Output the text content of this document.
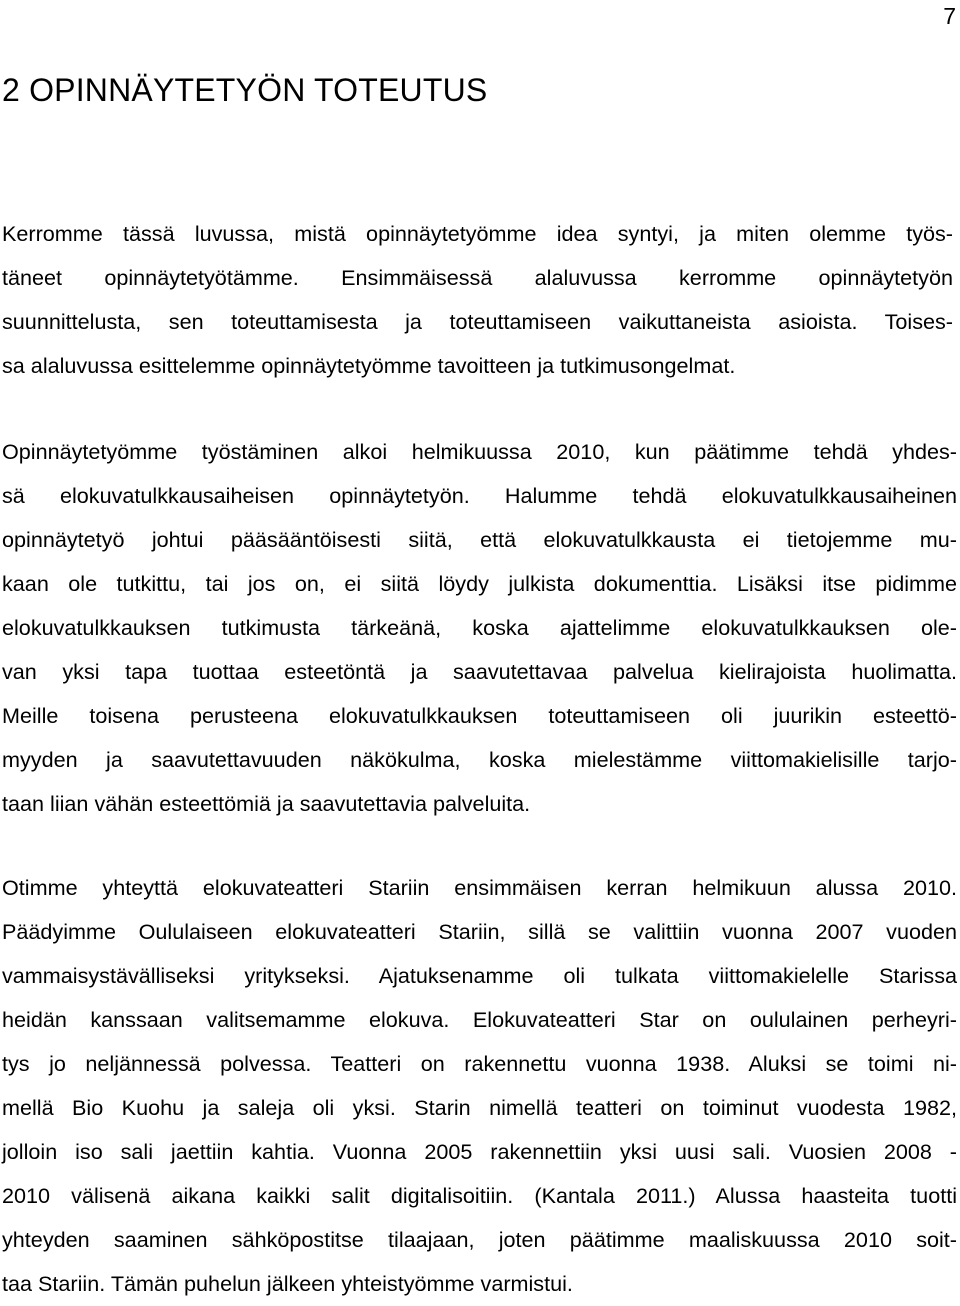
7
2 OPINNÄYTETYÖN TOTEUTUS
Kerromme tässä luvussa, mistä opinnäytetyömme idea syntyi, ja miten olemme työs-
täneet opinnäytetyötämme. Ensimmäisessä alaluvussa kerromme opinnäytetyön
suunnittelusta, sen toteuttamisesta ja toteuttamiseen vaikuttaneista asioista. Toises-
sa alaluvussa esittelemme opinnäytetyömme tavoitteen ja tutkimusongelmat.
Opinnäytetyömme työstäminen alkoi helmikuussa 2010, kun päätimme tehdä yhdes-
sä elokuvatulkkausaiheisen opinnäytetyön. Halumme tehdä elokuvatulkkausaiheinen
opinnäytetyö johtui pääsääntöisesti siitä, että elokuvatulkkausta ei tietojemme mu-
kaan ole tutkittu, tai jos on, ei siitä löydy julkista dokumenttia. Lisäksi itse pidimme
elokuvatulkkauksen tutkimusta tärkeänä, koska ajattelimme elokuvatulkkauksen ole-
van yksi tapa tuottaa esteetöntä ja saavutettavaa palvelua kielirajoista huolimatta.
Meille toisena perusteena elokuvatulkkauksen toteuttamiseen oli juurikin esteettö-
myyden ja saavutettavuuden näkökulma, koska mielestämme viittomakielisille tarjo-
taan liian vähän esteettömiä ja saavutettavia palveluita.
Otimme yhteyttä elokuvateatteri Stariin ensimmäisen kerran helmikuun alussa 2010.
Päädyimme Oululaiseen elokuvateatteri Stariin, sillä se valittiin vuonna 2007 vuoden
vammaisystävälliseksi yritykseksi. Ajatuksenamme oli tulkata viittomakielelle Starissa
heidän kanssaan valitsemamme elokuva. Elokuvateatteri Star on oululainen perheyri-
tys jo neljännessä polvessa. Teatteri on rakennettu vuonna 1938. Aluksi se toimi ni-
mellä Bio Kuohu ja saleja oli yksi. Starin nimellä teatteri on toiminut vuodesta 1982,
jolloin iso sali jaettiin kahtia. Vuonna 2005 rakennettiin yksi uusi sali. Vuosien 2008 -
2010 välisenä aikana kaikki salit digitalisoitiin. (Kantala 2011.) Alussa haasteita tuotti
yhteyden saaminen sähköpostitse tilaajaan, joten päätimme maaliskuussa 2010 soit-
taa Stariin. Tämän puhelun jälkeen yhteistyömme varmistui.
